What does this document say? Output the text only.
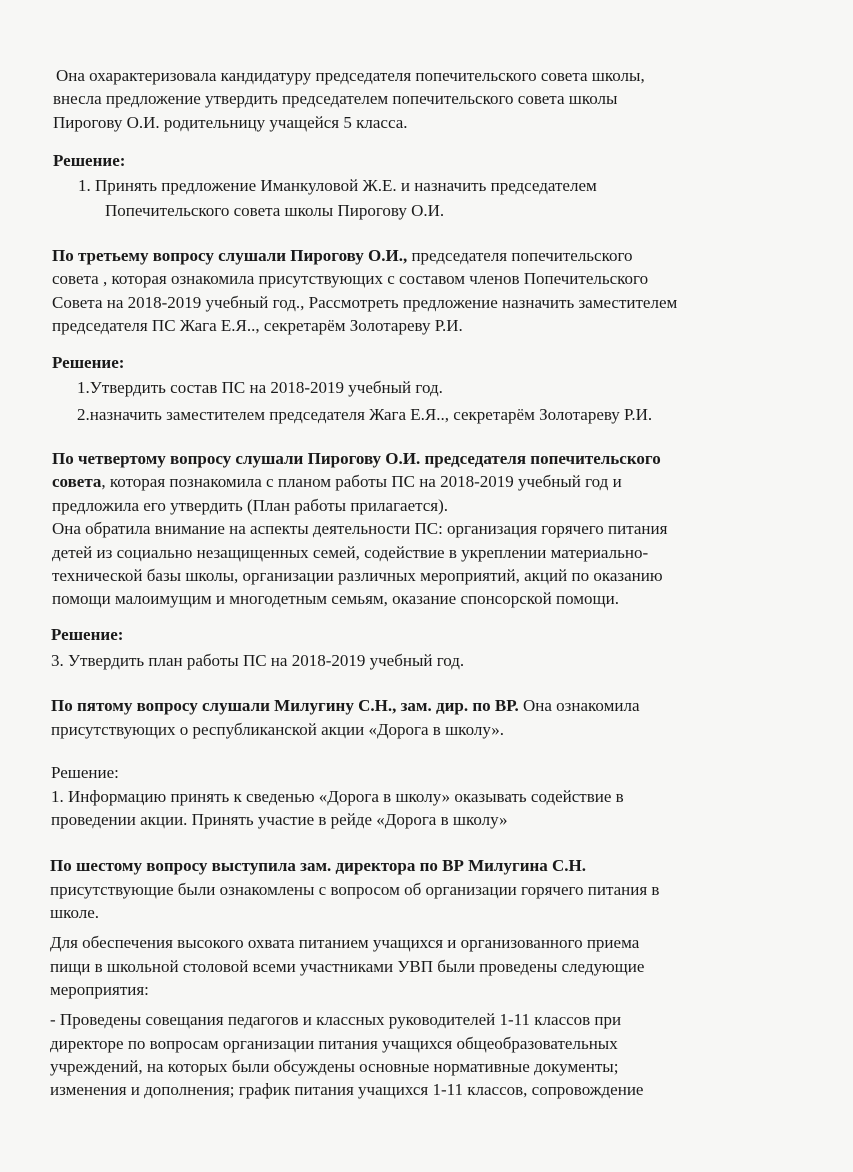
Она охарактеризовала кандидатуру председателя попечительского совета школы,

внесла предложение утвердить председателем попечительского совета школы

Пирогову О.И. родительницу учащейся 5 класса.

Решение:

1. Принять предложение Иманкуловой Ж.Е. и назначить председателем

Попечительского совета школы Пирогову О.И.

По третьему вопросу слушали Пирогову О.И., председателя попечительского

совета , которая ознакомила присутствующих с составом членов Попечительского

Совета на 2018-2019 учебный год., Рассмотреть предложение назначить заместителем

председателя ПС Жага Е.Я.., секретарём Золотареву Р.И.

Решение:

1.Утвердить состав ПС на 2018-2019 учебный год.

2.назначить заместителем председателя Жага Е.Я.., секретарём Золотареву Р.И.

По четвертому вопросу слушали Пирогову О.И. председателя попечительского

совета, которая познакомила с планом работы ПС на 2018-2019 учебный год и

предложила его утвердить (План работы прилагается).

Она обратила внимание на аспекты деятельности ПС: организация горячего питания

детей из социально незащищенных семей, содействие в укреплении материально-

технической базы школы, организации различных мероприятий, акций по оказанию

помощи малоимущим и многодетным семьям, оказание спонсорской помощи.

Решение:

3. Утвердить план работы ПС на 2018-2019 учебный год.

По пятому вопросу слушали Милугину С.Н., зам. дир. по ВР. Она ознакомила

присутствующих о республиканской акции «Дорога в школу».

Решение:

1. Информацию принять к сведенью «Дорога в школу» оказывать содействие в

проведении акции. Принять участие в рейде «Дорога в школу»

По шестому вопросу выступила зам. директора по ВР Милугина С.Н.

присутствующие были ознакомлены с вопросом об организации горячего питания в

школе.

Для обеспечения высокого охвата питанием учащихся и организованного приема

пищи в школьной столовой всеми участниками УВП были проведены следующие

мероприятия:

- Проведены совещания педагогов и классных руководителей 1-11 классов при

директоре по вопросам организации питания учащихся общеобразовательных

учреждений, на которых были обсуждены основные нормативные документы;

изменения и дополнения; график питания учащихся 1-11 классов, сопровождение
